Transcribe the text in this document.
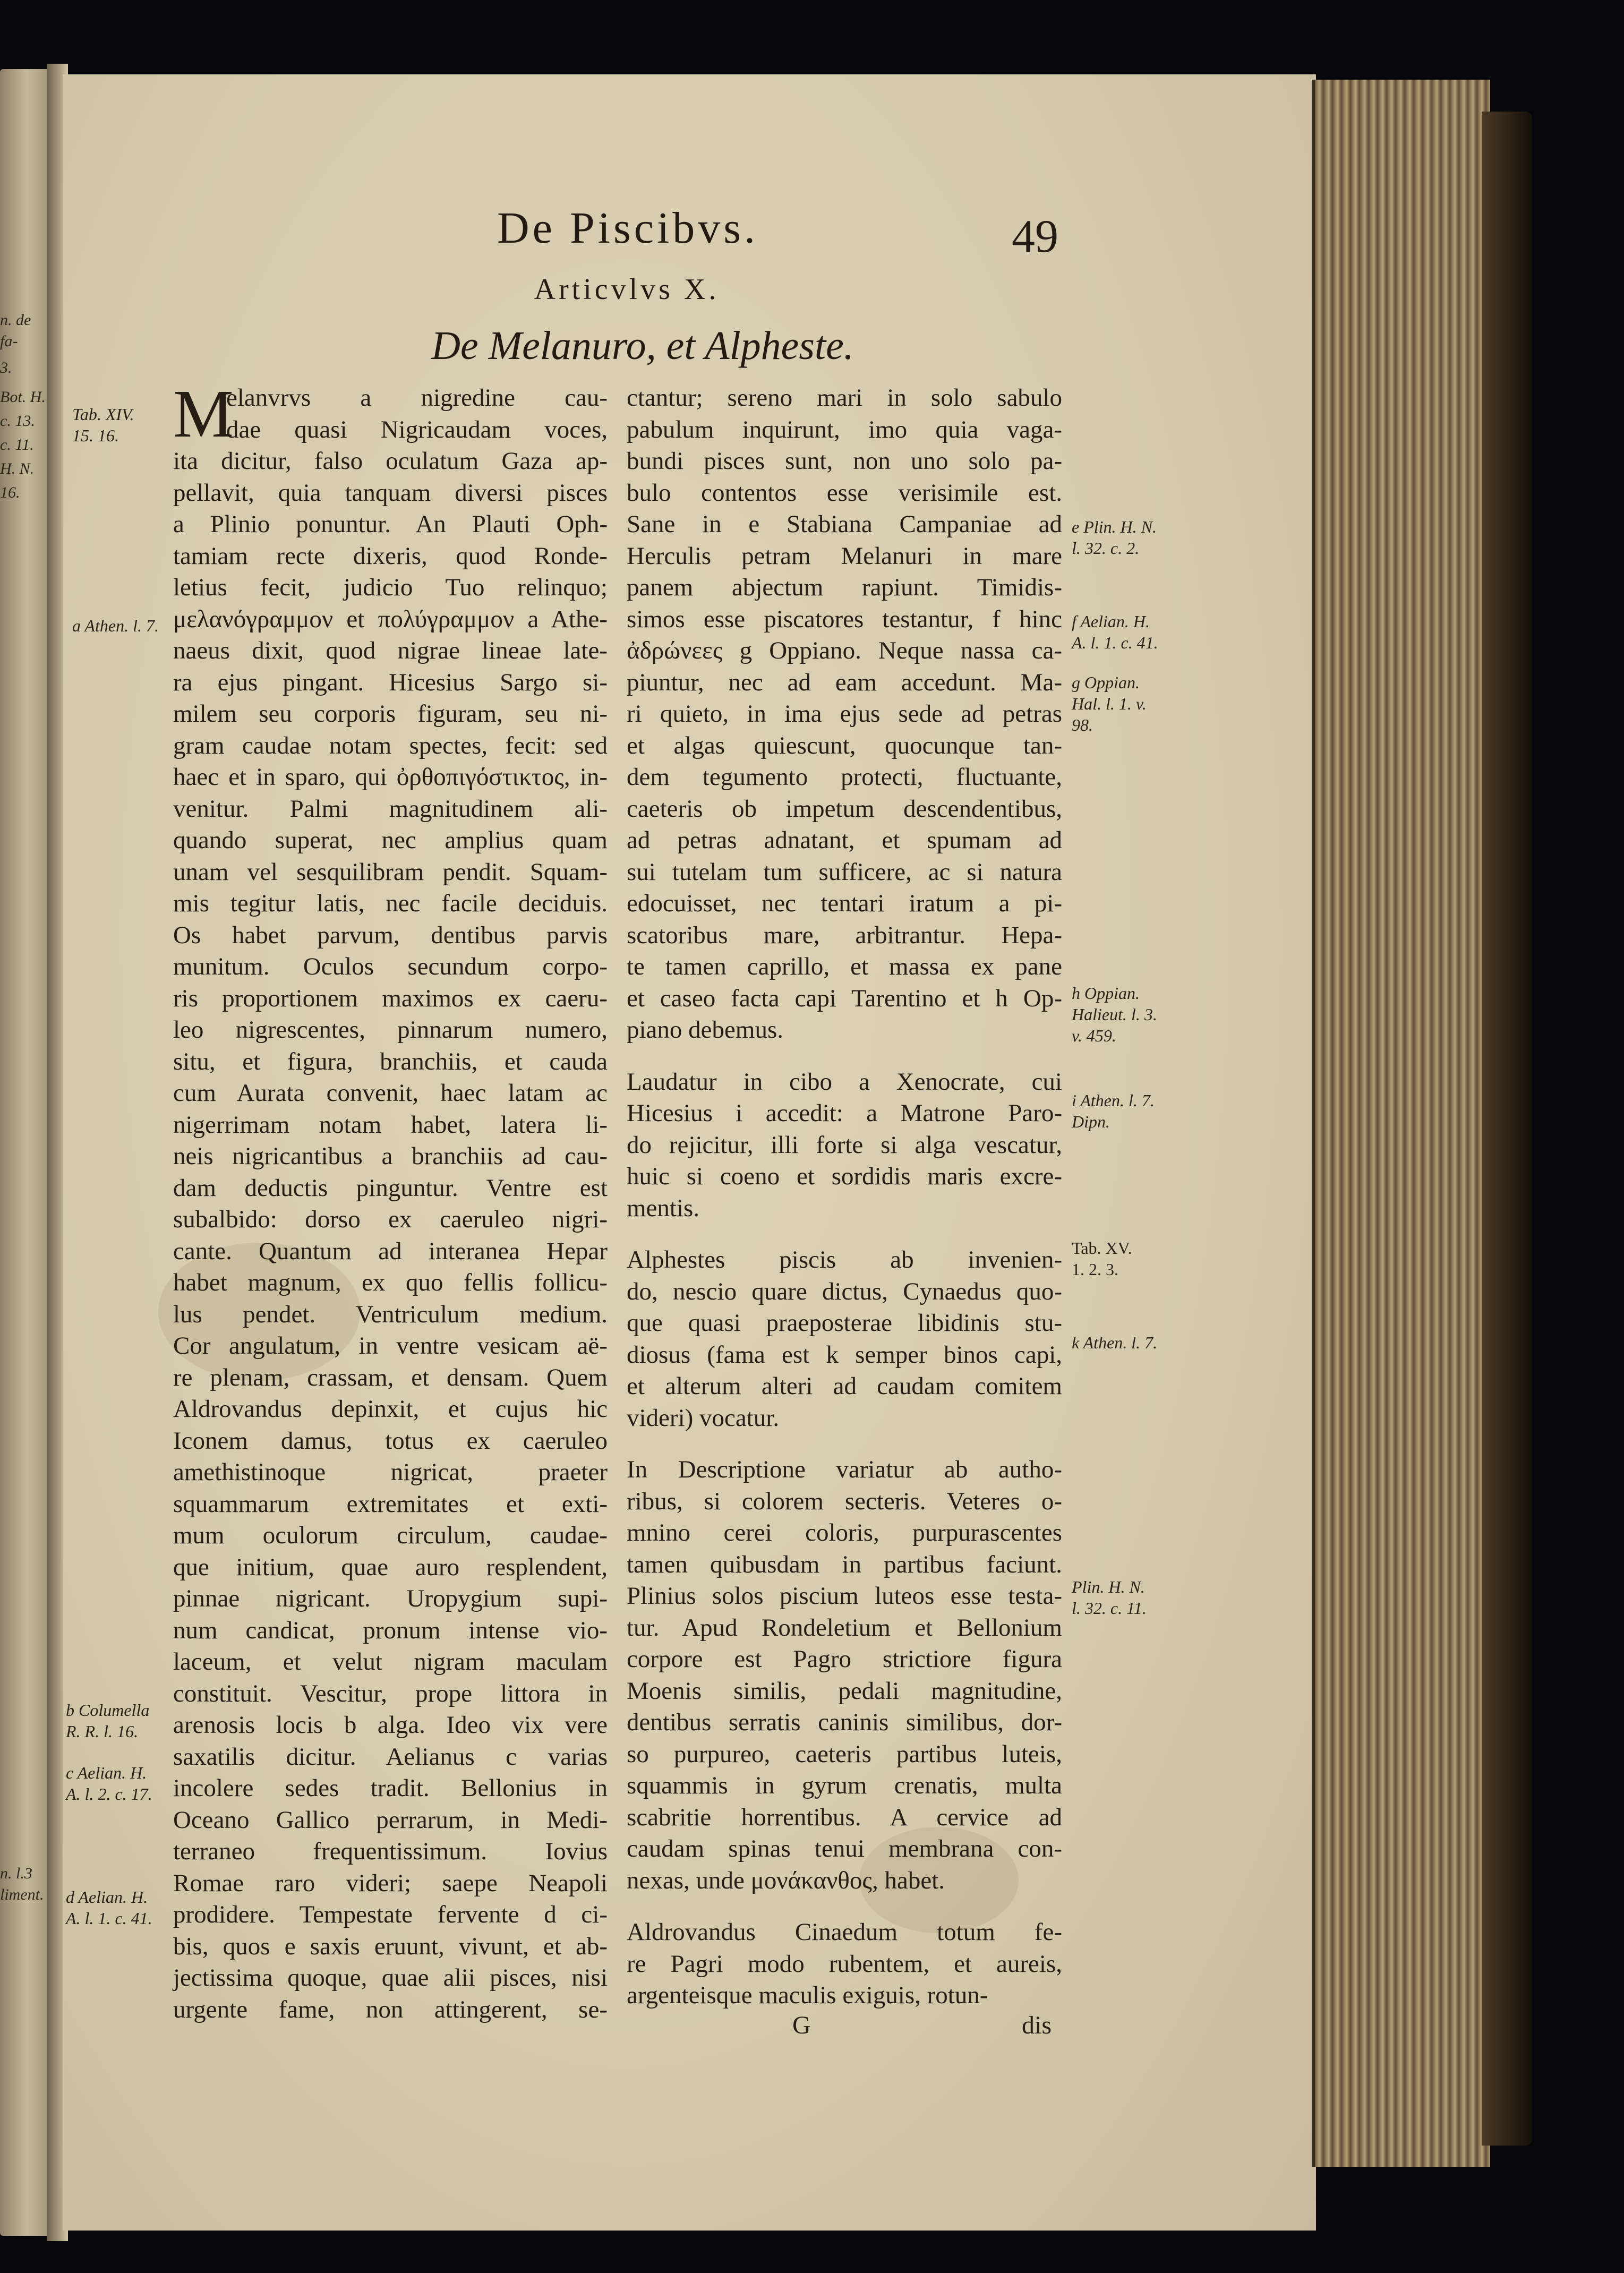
n. de
fa-
3.
Bot. H.
c. 13.
c. 11.
H. N.
16.
n. l.3
liment.
De Piscibvs.	49
Articvlvs X.
De Melanuro, et Alpheste.
M
elanvrvs a nigredine cau-
dae quasi Nigricaudam voces,
ita dicitur, falso oculatum Gaza ap-
pellavit, quia tanquam diversi pisces
a Plinio ponuntur. An Plauti Oph-
tamiam recte dixeris, quod Ronde-
letius fecit, judicio Tuo relinquo;
μελανόγραμμον et πολύγραμμον a Athe-
naeus dixit, quod nigrae lineae late-
ra ejus pingant. Hicesius Sargo si-
milem seu corporis figuram, seu ni-
gram caudae notam spectes, fecit: sed
haec et in sparo, qui ὀρθοπιγόστικτος, in-
venitur. Palmi magnitudinem ali-
quando superat, nec amplius quam
unam vel sesquilibram pendit. Squam-
mis tegitur latis, nec facile deciduis.
Os habet parvum, dentibus parvis
munitum. Oculos secundum corpo-
ris proportionem maximos ex caeru-
leo nigrescentes, pinnarum numero,
situ, et figura, branchiis, et cauda
cum Aurata convenit, haec latam ac
nigerrimam notam habet, latera li-
neis nigricantibus a branchiis ad cau-
dam deductis pinguntur. Ventre est
subalbido: dorso ex caeruleo nigri-
cante. Quantum ad interanea Hepar
habet magnum, ex quo fellis follicu-
lus pendet. Ventriculum medium.
Cor angulatum, in ventre vesicam aë-
re plenam, crassam, et densam. Quem
Aldrovandus depinxit, et cujus hic
Iconem damus, totus ex caeruleo
amethistinoque nigricat, praeter
squammarum extremitates et exti-
mum oculorum circulum, caudae-
que initium, quae auro resplendent,
pinnae nigricant. Uropygium supi-
num candicat, pronum intense vio-
laceum, et velut nigram maculam
constituit. Vescitur, prope littora in
arenosis locis b alga. Ideo vix vere
saxatilis dicitur. Aelianus c varias
incolere sedes tradit. Bellonius in
Oceano Gallico perrarum, in Medi-
terraneo frequentissimum. Iovius
Romae raro videri; saepe Neapoli
prodidere. Tempestate fervente d ci-
bis, quos e saxis eruunt, vivunt, et ab-
jectissima quoque, quae alii pisces, nisi
urgente fame, non attingerent, se-
ctantur; sereno mari in solo sabulo
pabulum inquirunt, imo quia vaga-
bundi pisces sunt, non uno solo pa-
bulo contentos esse verisimile est.
Sane in e Stabiana Campaniae ad
Herculis petram Melanuri in mare
panem abjectum rapiunt. Timidis-
simos esse piscatores testantur, f hinc
ἀδρώνεες g Oppiano. Neque nassa ca-
piuntur, nec ad eam accedunt. Ma-
ri quieto, in ima ejus sede ad petras
et algas quiescunt, quocunque tan-
dem tegumento protecti, fluctuante,
caeteris ob impetum descendentibus,
ad petras adnatant, et spumam ad
sui tutelam tum sufficere, ac si natura
edocuisset, nec tentari iratum a pi-
scatoribus mare, arbitrantur. Hepa-
te tamen caprillo, et massa ex pane
et caseo facta capi Tarentino et h Op-
piano debemus.
Laudatur in cibo a Xenocrate, cui
Hicesius i accedit: a Matrone Paro-
do rejicitur, illi forte si alga vescatur,
huic si coeno et sordidis maris excre-
mentis.
Alphestes piscis ab invenien-
do, nescio quare dictus, Cynaedus quo-
que quasi praeposterae libidinis stu-
diosus (fama est k semper binos capi,
et alterum alteri ad caudam comitem
videri) vocatur.
In Descriptione variatur ab autho-
ribus, si colorem secteris. Veteres o-
mnino cerei coloris, purpurascentes
tamen quibusdam in partibus faciunt.
Plinius solos piscium luteos esse testa-
tur. Apud Rondeletium et Bellonium
corpore est Pagro strictiore figura
Moenis similis, pedali magnitudine,
dentibus serratis caninis similibus, dor-
so purpureo, caeteris partibus luteis,
squammis in gyrum crenatis, multa
scabritie horrentibus. A cervice ad
caudam spinas tenui membrana con-
nexas, unde μονάκανθος, habet.
Aldrovandus Cinaedum totum fe-
re Pagri modo rubentem, et aureis,
argenteisque maculis exiguis, rotun-
Tab. XIV.
15. 16.
a Athen. l. 7.
b Columella
R. R. l. 16.
c Aelian. H.
A. l. 2. c. 17.
d Aelian. H.
A. l. 1. c. 41.
e Plin. H. N.
l. 32. c. 2.
f Aelian. H.
A. l. 1. c. 41.
g Oppian.
Hal. l. 1. v.
98.
h Oppian.
Halieut. l. 3.
v. 459.
i Athen. l. 7.
Dipn.
Tab. XV.
1. 2. 3.
k Athen. l. 7.
Plin. H. N.
l. 32. c. 11.
G	dis
